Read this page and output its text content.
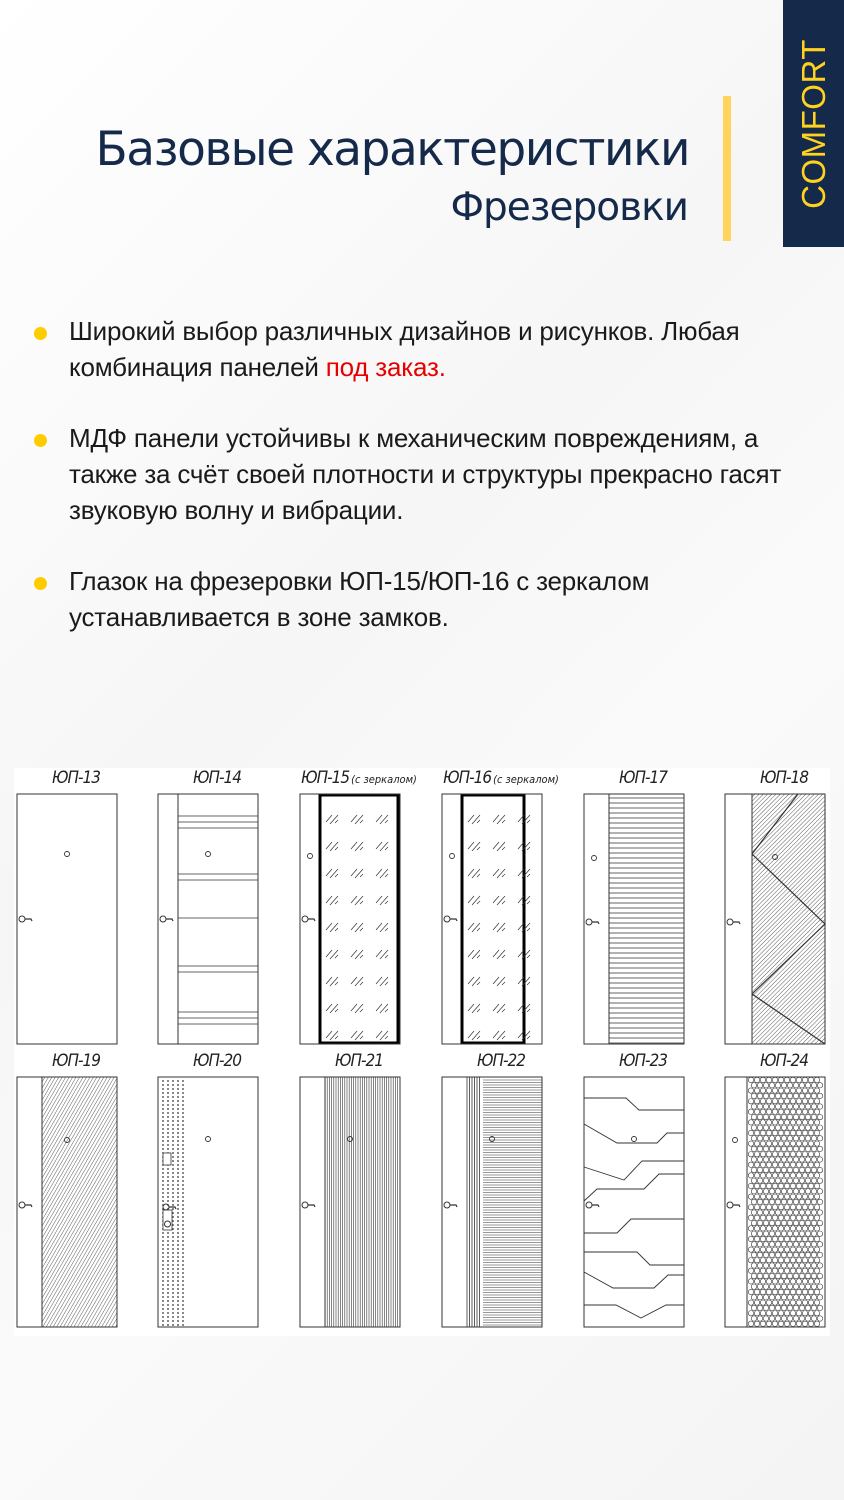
COMFORT
Базовые характеристики
Фрезеровки
Широкий выбор различных дизайнов и рисунков. Любая комбинация панелей под заказ.
МДФ панели устойчивы к механическим повреждениям, а также за счёт своей плотности и структуры прекрасно гасят звуковую волну и вибрации.
Глазок на фрезеровки ЮП-15/ЮП-16 с зеркалом устанавливается в зоне замков.
ЮП-13	ЮП-14	ЮП-15 (с зеркалом) ЮП-16 (с зеркалом)	ЮП-17	ЮП-18
ЮП-19	ЮП-20	ЮП-21	ЮП-22	ЮП-23	ЮП-24
